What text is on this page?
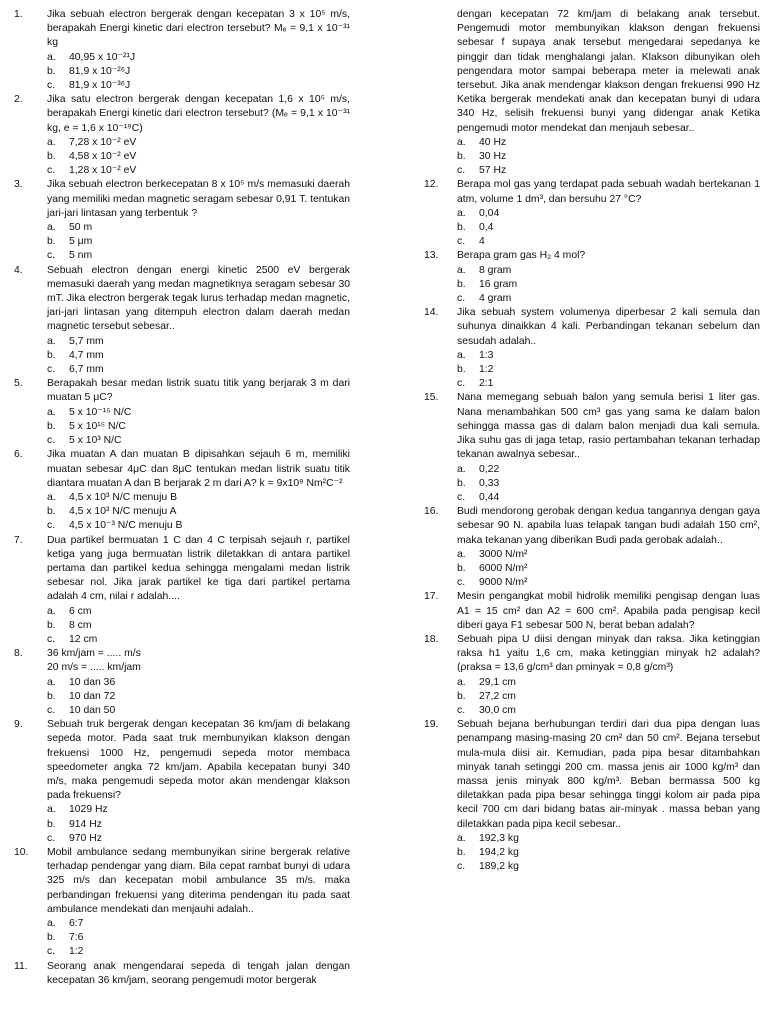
1.	Jika sebuah electron bergerak dengan kecepatan 3 x 10⁵ m/s, berapakah Energi kinetic dari electron tersebut? Mₑ = 9,1 x 10⁻³¹ kg
a.	40,95 x 10⁻²¹J
b.	81,9 x 10⁻²⁶J
c.	81,9 x 10⁻³⁶J
2.	Jika satu electron bergerak dengan kecepatan 1,6 x 10⁵ m/s, berapakah Energi kinetic dari electron tersebut? (Mₑ = 9,1 x 10⁻³¹ kg, e = 1,6 x 10⁻¹⁹C)
a.	7,28 x 10⁻² eV
b.	4,58 x 10⁻² eV
c.	1,28 x 10⁻² eV
3.	Jika sebuah electron berkecepatan 8 x 10⁵ m/s memasuki daerah yang memiliki medan magnetic seragam sebesar 0,91 T. tentukan jari-jari lintasan yang terbentuk ?
a.	50 m
b.	5 μm
c.	5 nm
4.	Sebuah electron dengan energi kinetic 2500 eV bergerak memasuki daerah yang medan magnetiknya seragam sebesar 30 mT. Jika electron bergerak tegak lurus terhadap medan magnetic, jari-jari lintasan yang ditempuh electron dalam daerah medan magnetic tersebut sebesar..
a.	5,7 mm
b.	4,7 mm
c.	6,7 mm
5.	Berapakah besar medan listrik suatu titik yang berjarak 3 m dari muatan 5 μC?
a.	5 x 10⁻¹⁵ N/C
b.	5 x 10¹⁵ N/C
c.	5 x 10³ N/C
6.	Jika muatan A dan muatan B dipisahkan sejauh 6 m, memiliki muatan sebesar 4μC dan 8μC tentukan medan listrik suatu titik diantara muatan A dan B berjarak 2 m dari A? k = 9x10⁹ Nm²C⁻²
a.	4,5 x 10³ N/C menuju B
b.	4,5 x 10³ N/C menuju A
c.	4,5 x 10⁻³ N/C menuju B
7.	Dua partikel bermuatan 1 C dan 4 C terpisah sejauh r, partikel ketiga yang juga bermuatan listrik diletakkan di antara partikel pertama dan partikel kedua sehingga mengalami medan listrik sebesar nol. Jika jarak partikel ke tiga dari partikel pertama adalah 4 cm, nilai r adalah....
a.	6 cm
b.	8 cm
c.	12 cm
8.	36 km/jam = ..... m/s
20 m/s = ..... km/jam
a.	10 dan 36
b.	10 dan 72
c.	10 dan 50
9.	Sebuah truk bergerak dengan kecepatan 36 km/jam di belakang sepeda motor. Pada saat truk membunyikan klakson dengan frekuensi 1000 Hz, pengemudi sepeda motor membaca speedometer angka 72 km/jam. Apabila kecepatan bunyi 340 m/s, maka pengemudi sepeda motor akan mendengar klakson pada frekuensi?
a.	1029 Hz
b.	914 Hz
c.	970 Hz
10.	Mobil ambulance sedang membunyikan sirine bergerak relative terhadap pendengar yang diam. Bila cepat rambat bunyi di udara 325 m/s dan kecepatan mobil ambulance 35 m/s. maka perbandingan frekuensi yang diterima pendengan itu pada saat ambulance mendekati dan menjauhi adalah..
a.	6:7
b.	7:6
c.	1:2
11.	Seorang anak mengendarai sepeda di tengah jalan dengan kecepatan 36 km/jam, seorang pengemudi motor bergerak
dengan kecepatan 72 km/jam di belakang anak tersebut. Pengemudi motor membunyikan klakson dengan frekuensi sebesar f supaya anak tersebut mengedarai sepedanya ke pinggir dan tidak menghalangi jalan. Klakson dibunyikan oleh pengendara motor sampai beberapa meter ia melewati anak tersebut. Jika anak mendengar klakson dengan frekuensi 990 Hz Ketika bergerak mendekati anak dan kecepatan bunyi di udara 340 Hz, selisih frekuensi bunyi yang didengar anak Ketika pengemudi motor mendekat dan menjauh sebesar..
a.	40 Hz
b.	30 Hz
c.	57 Hz
12.	Berapa mol gas yang terdapat pada sebuah wadah bertekanan 1 atm, volume 1 dm³, dan bersuhu 27 °C?
a.	0,04
b.	0,4
c.	4
13.	Berapa gram gas H₂ 4 mol?
a.	8 gram
b.	16 gram
c.	4 gram
14.	Jika sebuah system volumenya diperbesar 2 kali semula dan suhunya dinaikkan 4 kali. Perbandingan tekanan sebelum dan sesudah adalah..
a.	1:3
b.	1:2
c.	2:1
15.	Nana memegang sebuah balon yang semula berisi 1 liter gas. Nana menambahkan 500 cm³ gas yang sama ke dalam balon sehingga massa gas di dalam balon menjadi dua kali semula. Jika suhu gas di jaga tetap, rasio pertambahan tekanan terhadap tekanan awalnya sebesar..
a.	0,22
b.	0,33
c.	0,44
16.	Budi mendorong gerobak dengan kedua tangannya dengan gaya sebesar 90 N. apabila luas telapak tangan budi adalah 150 cm², maka tekanan yang diberikan Budi pada gerobak adalah..
a.	3000 N/m²
b.	6000 N/m²
c.	9000 N/m²
17.	Mesin pengangkat mobil hidrolik memiliki pengisap dengan luas A1 = 15 cm² dan A2 = 600 cm². Apabila pada pengisap kecil diberi gaya F1 sebesar 500 N, berat beban adalah?
18.	Sebuah pipa U diisi dengan minyak dan raksa. Jika ketinggian raksa h1 yaitu 1,6 cm, maka ketinggian minyak h2 adalah? (ρraksa = 13,6 g/cm³ dan ρminyak = 0,8 g/cm³)
a.	29,1 cm
b.	27,2 cm
c.	30,0 cm
19.	Sebuah bejana berhubungan terdiri dari dua pipa dengan luas penampang masing-masing 20 cm² dan 50 cm². Bejana tersebut mula-mula diisi air. Kemudian, pada pipa besar ditambahkan minyak tanah setinggi 200 cm. massa jenis air 1000 kg/m³ dan massa jenis minyak 800 kg/m³. Beban bermassa 500 kg diletakkan pada pipa besar sehingga tinggi kolom air pada pipa kecil 700 cm dari bidang batas air-minyak . massa beban yang diletakkan pada pipa kecil sebesar..
a.	192,3 kg
b.	194,2 kg
c.	189,2 kg
